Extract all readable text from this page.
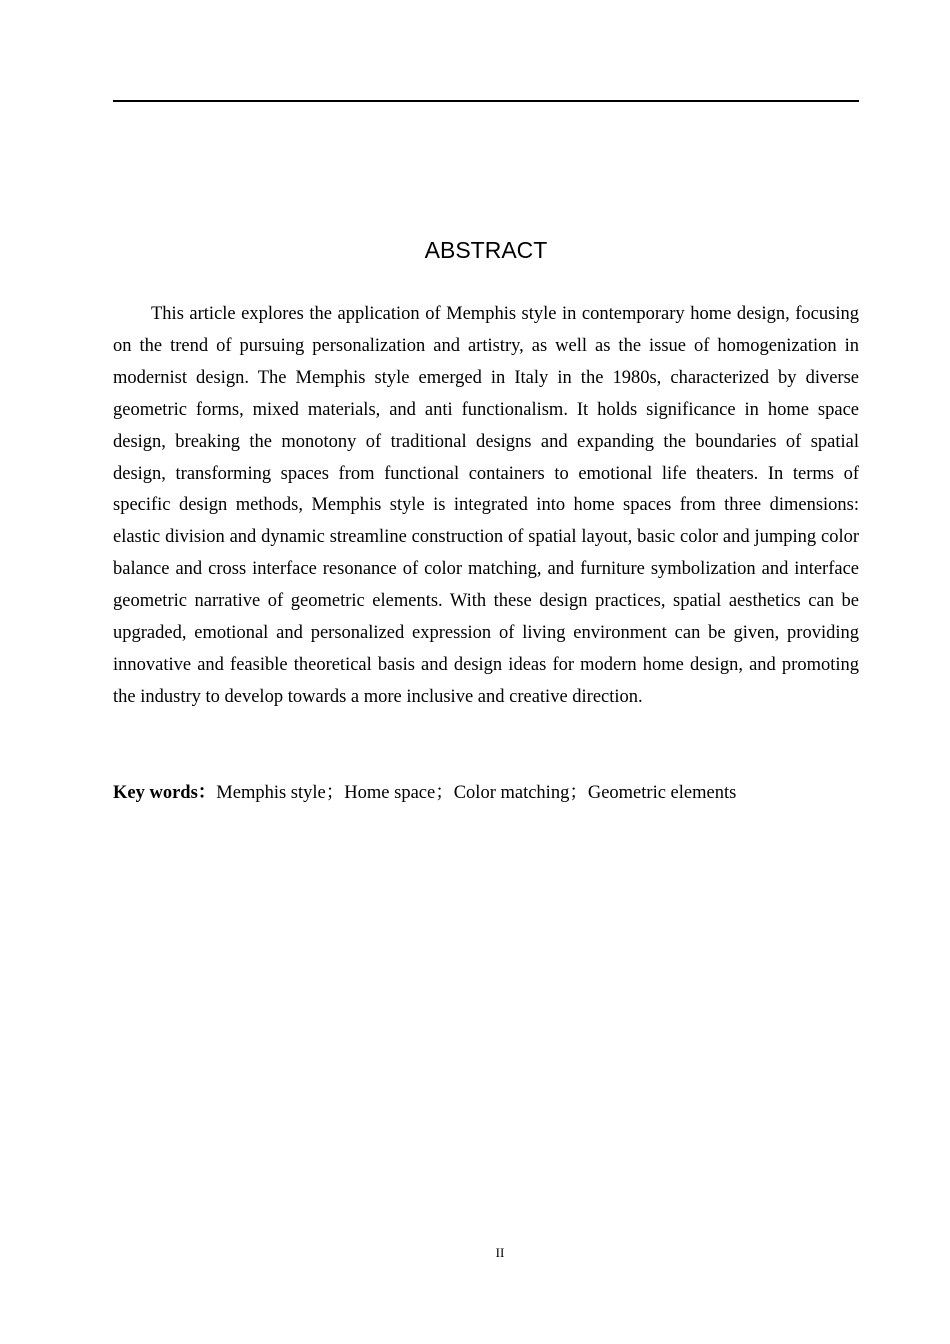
ABSTRACT

This article explores the application of Memphis style in contemporary home design, focusing on the trend of pursuing personalization and artistry, as well as the issue of homogenization in modernist design. The Memphis style emerged in Italy in the 1980s, characterized by diverse geometric forms, mixed materials, and anti functionalism. It holds significance in home space design, breaking the monotony of traditional designs and expanding the boundaries of spatial design, transforming spaces from functional containers to emotional life theaters. In terms of specific design methods, Memphis style is integrated into home spaces from three dimensions: elastic division and dynamic streamline construction of spatial layout, basic color and jumping color balance and cross interface resonance of color matching, and furniture symbolization and interface geometric narrative of geometric elements. With these design practices, spatial aesthetics can be upgraded, emotional and personalized expression of living environment can be given, providing innovative and feasible theoretical basis and design ideas for modern home design, and promoting the industry to develop towards a more inclusive and creative direction.

Key words：Memphis style；Home space；Color matching；Geometric elements

II
